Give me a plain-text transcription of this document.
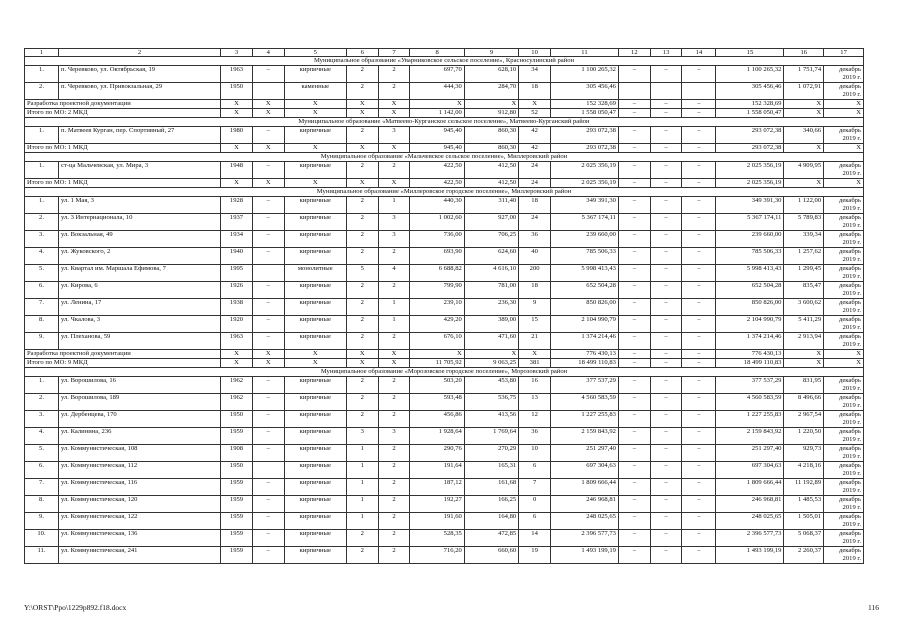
1	2	3	4	5	6	7	8	9	10	11	12	13	14	15	16	17
Муниципальное образование «Уварниковское сельское поселение», Красносулинский район																
1.	п. Черевково, ул. Октябрьская, 19	1963	–	кирпичные	2	2	697,70	628,10	34	1 100 265,32	–	–	–	1 100 265,32	1 751,74	декабрь 2019 г.
2.	п. Черевково, ул. Привокзальная, 29	1950		каменные	2	2	444,30	284,70	18	305 456,46				305 456,46	1 072,91	декабрь 2019 г.
Разработка проектной документации		X	X	X	X	X	X	X	X	152 328,69	–	–	–	152 328,69	X	X
Итого по МО: 2 МКД		X	X	X	X	X	1 142,00	912,80	52	1 558 050,47	–	–	–	1 558 050,47	X	X
Муниципальное образование «Матвеево-Курганское сельское поселение», Матвеево-Курганский район																
1.	п. Матвеев Курган, пер. Спортивный, 27	1980	–	кирпичные	2	3	945,40	860,30	42	293 072,38	–	–	–	293 072,38	340,66	декабрь 2019 г.
Итого по МО: 1 МКД		X	X	X	X	X	945,40	860,30	42	293 072,38	–	–	–	293 072,38	X	X
Муниципальное образование «Мальчевское сельское поселение», Миллеровский район																
1.	ст-ца Мальчевская, ул. Мира, 3	1948	–	кирпичные	2	2	422,50	412,50	24	2 025 356,19	–	–	–	2 025 356,19	4 909,95	декабрь 2019 г.
Итого по МО: 1 МКД		X	X	X	X	X	422,50	412,50	24	2 025 356,19	–	–	–	2 025 356,19	X	X
Муниципальное образование «Миллеровское городское поселение», Миллеровский район																
1.	ул. 1 Мая, 3	1928	–	кирпичные	2	1	440,30	311,40	18	349 391,30	–	–	–	349 391,30	1 122,00	декабрь 2019 г.
2.	ул. 3 Интернационала, 10	1937	–	кирпичные	2	3	1 002,60	927,00	24	5 367 174,11	–	–	–	5 367 174,11	5 789,83	декабрь 2019 г.
3.	ул. Вокзальная, 49	1934	–	кирпичные	2	3	736,00	706,25	36	239 660,00	–	–	–	239 660,00	339,34	декабрь 2019 г.
4.	ул. Жуковского, 2	1940	–	кирпичные	2	2	693,90	624,60	40	785 506,33	–	–	–	785 506,33	1 257,62	декабрь 2019 г.
5.	ул. Квартал им. Маршала Ефимова, 7	1995		монолитные	5	4	6 688,82	4 616,10	200	5 998 413,43	–	–	–	5 998 413,43	1 299,45	декабрь 2019 г.
6.	ул. Кирова, 6	1926	–	кирпичные	2	2	799,90	781,00	18	652 504,28	–	–	–	652 504,28	835,47	декабрь 2019 г.
7.	ул. Ленина, 17	1938	–	кирпичные	2	1	239,10	236,30	9	850 826,00	–	–	–	850 826,00	3 600,62	декабрь 2019 г.
8.	ул. Чкалова, 3	1920	–	кирпичные	2	1	429,20	389,00	15	2 104 990,79	–	–	–	2 104 990,79	5 411,29	декабрь 2019 г.
9.	ул. Плеханова, 59	1963	–	кирпичные	2	2	676,10	471,60	21	1 374 214,46	–	–	–	1 374 214,46	2 913,94	декабрь 2019 г.
Разработка проектной документации		X	X	X	X	X	X	X	X	776 430,13	–	–	–	776 430,13	X	X
Итого по МО: 9 МКД		X	X	X	X	X	11 705,92	9 063,25	381	18 499 110,83	–	–	–	18 499 110,83	X	X
Муниципальное образование «Морозовское городское поселение», Морозовский район																
1.	ул. Ворошилова, 16	1962	–	кирпичные	2	2	503,20	453,80	16	377 537,29	–	–	–	377 537,29	831,95	декабрь 2019 г.
2.	ул. Ворошилова, 189	1962	–	кирпичные	2	2	593,48	536,75	13	4 560 583,59	–	–	–	4 560 583,59	8 496,66	декабрь 2019 г.
3.	ул. Дербенцева, 170	1950	–	кирпичные	2	2	456,86	413,56	12	1 227 255,83	–	–	–	1 227 255,83	2 967,54	декабрь 2019 г.
4.	ул. Калинина, 236	1959	–	кирпичные	3	3	1 928,64	1 769,64	36	2 159 843,92	–	–	–	2 159 843,92	1 220,50	декабрь 2019 г.
5.	ул. Коммунистическая, 108	1908	–	кирпичные	1	2	290,76	270,29	10	251 297,40	–	–	–	251 297,40	929,73	декабрь 2019 г.
6.	ул. Коммунистическая, 112	1950		кирпичные	1	2	191,64	165,31	6	697 304,63	–	–	–	697 304,63	4 218,16	декабрь 2019 г.
7.	ул. Коммунистическая, 116	1959	–	кирпичные	1	2	187,12	161,68	7	1 809 666,44	–	–	–	1 809 666,44	11 192,89	декабрь 2019 г.
8.	ул. Коммунистическая, 120	1959	–	кирпичные	1	2	192,27	166,25	0	246 968,81	–	–	–	246 968,81	1 485,53	декабрь 2019 г.
9.	ул. Коммунистическая, 122	1959	–	кирпичные	1	2	191,60	164,80	6	248 025,65	–	–	–	248 025,65	1 505,01	декабрь 2019 г.
10.	ул. Коммунистическая, 136	1959	–	кирпичные	2	2	528,35	472,85	14	2 396 577,73	–	–	–	2 396 577,73	5 068,37	декабрь 2019 г.
11.	ул. Коммунистическая, 241	1959	–	кирпичные	2	2	716,20	660,60	19	1 493 199,19	–	–	–	1 493 199,19	2 260,37	декабрь 2019 г.
Y:\ORST\Ppo\1229p892.f18.docx	116
